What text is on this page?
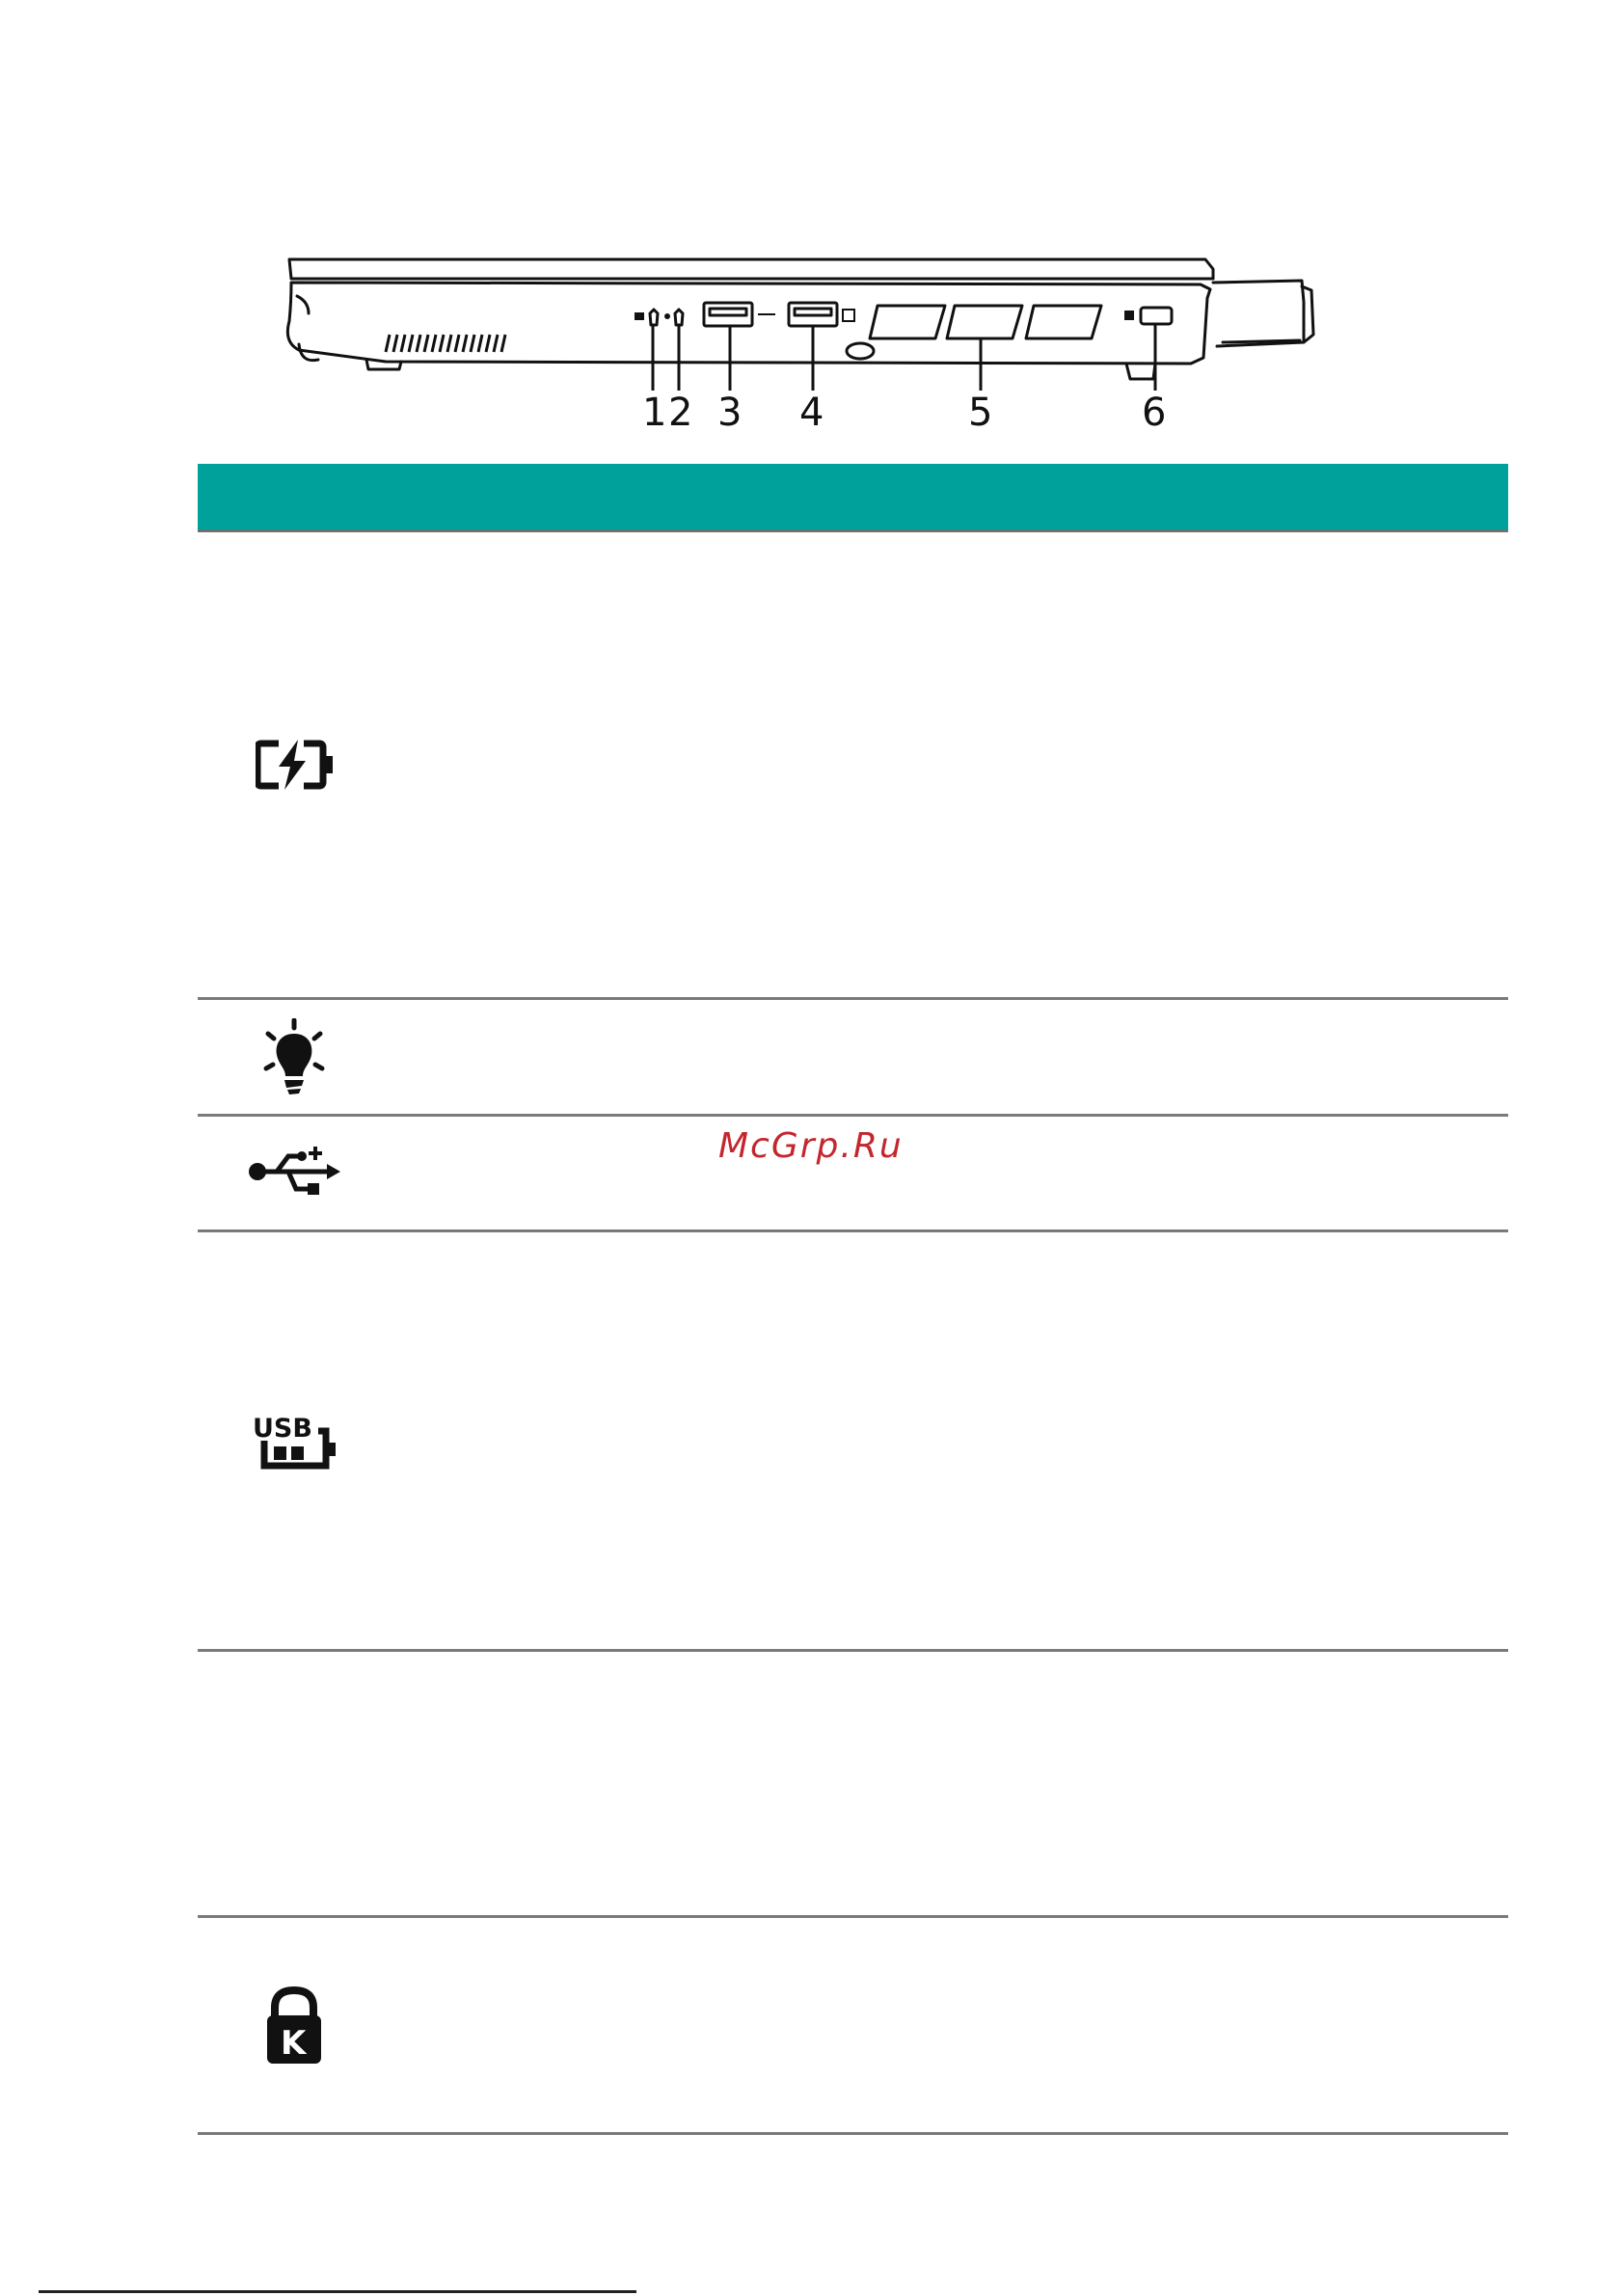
1 2 3 4	5	6
USB
K
McGrp.Ru
